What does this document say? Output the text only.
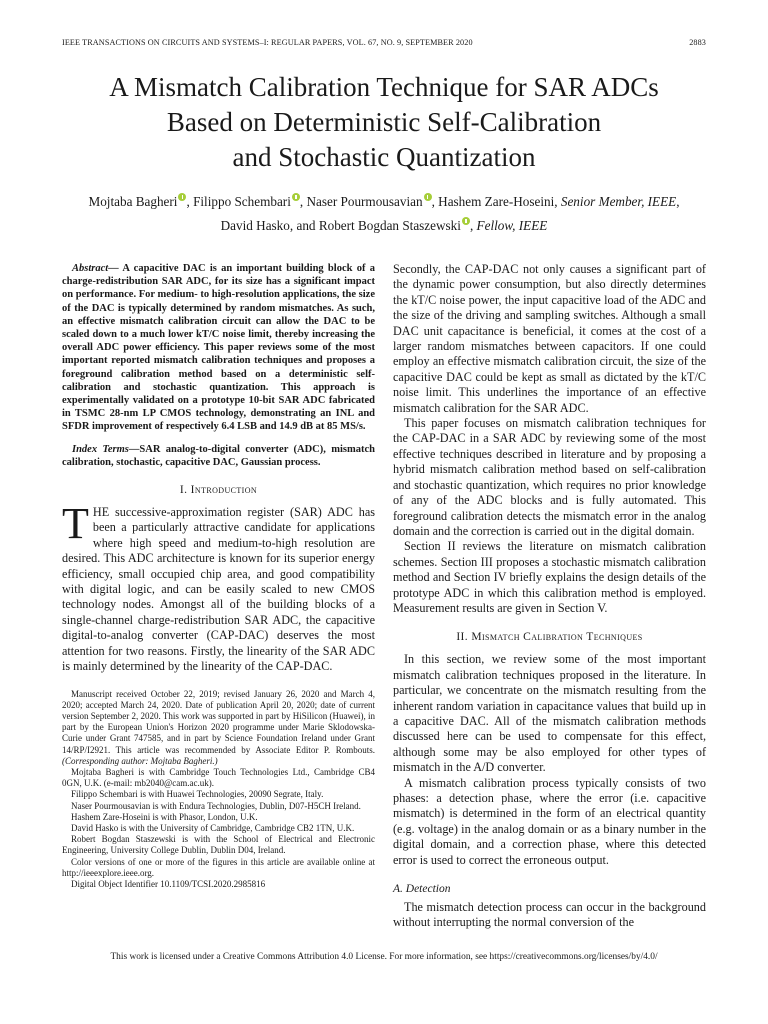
IEEE TRANSACTIONS ON CIRCUITS AND SYSTEMS–I: REGULAR PAPERS, VOL. 67, NO. 9, SEPTEMBER 2020	2883
A Mismatch Calibration Technique for SAR ADCs
Based on Deterministic Self-Calibration
and Stochastic Quantization
Mojtaba Bagheri , Filippo Schembari , Naser Pourmousavian , Hashem Zare-Hoseini, Senior Member, IEEE,
David Hasko, and Robert Bogdan Staszewski , Fellow, IEEE

Abstract— A capacitive DAC is an important building block of a charge-redistribution SAR ADC, for its size has a significant impact on performance. For medium- to high-resolution applications, the size of the DAC is typically determined by random mismatches. As such, an effective mismatch calibration circuit can allow the DAC to be scaled down to a much lower kT/C noise limit, thereby increasing the overall ADC power efficiency. This paper reviews some of the most important reported mismatch calibration techniques and proposes a foreground calibration method based on a deterministic self-calibration and stochastic quantization. This approach is experimentally validated on a prototype 10-bit SAR ADC fabricated in TSMC 28-nm LP CMOS technology, demonstrating an INL and SFDR improvement of respectively 6.4 LSB and 14.9 dB at 85 MS/s.

Index Terms—SAR analog-to-digital converter (ADC), mismatch calibration, stochastic, capacitive DAC, Gaussian process.

I. Introduction

THE successive-approximation register (SAR) ADC has been a particularly attractive candidate for applications where high speed and medium-to-high resolution are desired. This ADC architecture is known for its superior energy efficiency, small occupied chip area, and good compatibility with digital logic, and can be easily scaled to new CMOS technology nodes. Amongst all of the building blocks of a single-channel charge-redistribution SAR ADC, the capacitive digital-to-analog converter (CAP-DAC) deserves the most attention for two reasons. Firstly, the linearity of the SAR ADC is mainly determined by the linearity of the CAP-DAC.

Manuscript received October 22, 2019; revised January 26, 2020 and March 4, 2020; accepted March 24, 2020. Date of publication April 20, 2020; date of current version September 2, 2020. This work was supported in part by HiSilicon (Huawei), in part by the European Union's Horizon 2020 programme under Marie Sklodowska-Curie under Grant 747585, and in part by Science Foundation Ireland under Grant 14/RP/I2921. This article was recommended by Associate Editor P. Rombouts. (Corresponding author: Mojtaba Bagheri.)

Mojtaba Bagheri is with Cambridge Touch Technologies Ltd., Cambridge CB4 0GN, U.K. (e-mail: mb2040@cam.ac.uk).

Filippo Schembari is with Huawei Technologies, 20090 Segrate, Italy.

Naser Pourmousavian is with Endura Technologies, Dublin, D07-H5CH Ireland.

Hashem Zare-Hoseini is with Phasor, London, U.K.

David Hasko is with the University of Cambridge, Cambridge CB2 1TN, U.K.

Robert Bogdan Staszewski is with the School of Electrical and Electronic Engineering, University College Dublin, Dublin D04, Ireland.

Color versions of one or more of the figures in this article are available online at http://ieeexplore.ieee.org.

Digital Object Identifier 10.1109/TCSI.2020.2985816

Secondly, the CAP-DAC not only causes a significant part of the dynamic power consumption, but also directly determines the kT/C noise power, the input capacitive load of the ADC and the size of the driving and sampling switches. Although a small DAC unit capacitance is beneficial, it comes at the cost of a larger random mismatches between capacitors. If one could employ an effective mismatch calibration circuit, the size of the capacitive DAC could be kept as small as dictated by the kT/C noise limit. This underlines the importance of an effective mismatch calibration for the SAR ADC.

This paper focuses on mismatch calibration techniques for the CAP-DAC in a SAR ADC by reviewing some of the most effective techniques described in literature and by proposing a hybrid mismatch calibration method based on self-calibration and stochastic quantization, which requires no prior knowledge of any of the ADC blocks and is fully automated. This foreground calibration detects the mismatch error in the analog domain and the correction is carried out in the digital domain.

Section II reviews the literature on mismatch calibration schemes. Section III proposes a stochastic mismatch calibration method and Section IV briefly explains the design details of the prototype ADC in which this calibration method is employed. Measurement results are given in Section V.

II. Mismatch Calibration Techniques

In this section, we review some of the most important mismatch calibration techniques proposed in the literature. In particular, we concentrate on the mismatch resulting from the inherent random variation in capacitance values that build up in a capacitive DAC. All of the mismatch calibration methods discussed here can be used to compensate for this effect, although some may be also employed for other types of mismatch in the A/D converter.

A mismatch calibration process typically consists of two phases: a detection phase, where the error (i.e. capacitive mismatch) is determined in the form of an electrical quantity (e.g. voltage) in the analog domain or as a binary number in the digital domain, and a correction phase, where this detected error is used to correct the erroneous output.

A. Detection

The mismatch detection process can occur in the background without interrupting the normal conversion of the

This work is licensed under a Creative Commons Attribution 4.0 License. For more information, see https://creativecommons.org/licenses/by/4.0/
